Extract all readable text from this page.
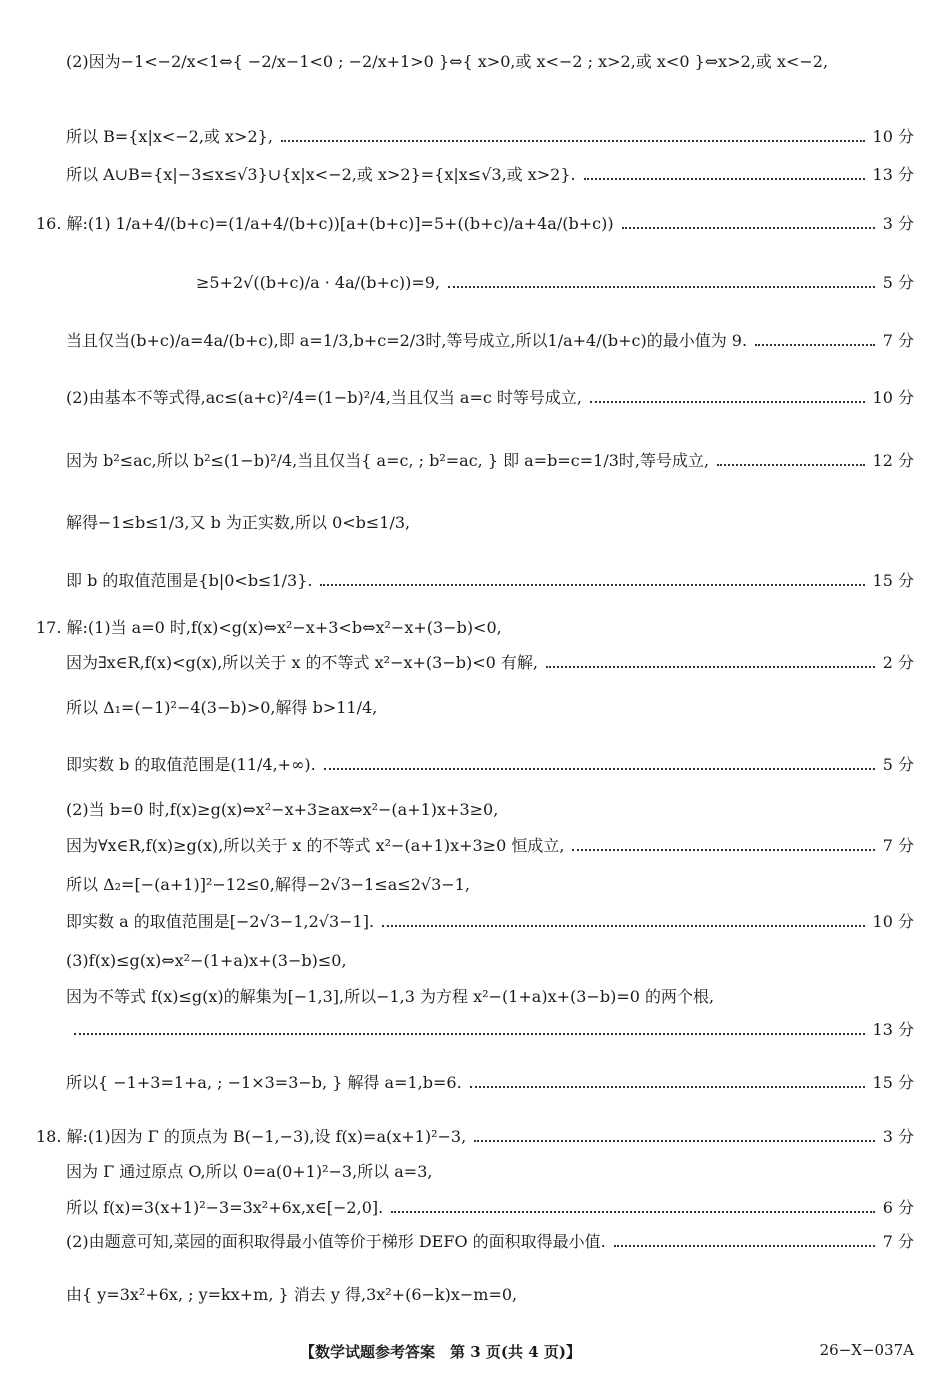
(2)因为−1<−2/x<1⇔{ −2/x−1<0 ; −2/x+1>0 }⇔{ x>0,或 x<−2 ; x>2,或 x<0 }⇔x>2,或 x<−2,
所以 B={x|x<−2,或 x>2},	10 分
所以 A∪B={x|−3≤x≤√3}∪{x|x<−2,或 x>2}={x|x≤√3,或 x>2}.	13 分
16. 解:(1) 1/a+4/(b+c)=(1/a+4/(b+c))[a+(b+c)]=5+((b+c)/a+4a/(b+c))	3 分
≥5+2√((b+c)/a · 4a/(b+c))=9,	5 分
当且仅当(b+c)/a=4a/(b+c),即 a=1/3,b+c=2/3时,等号成立,所以1/a+4/(b+c)的最小值为 9.	7 分
(2)由基本不等式得,ac≤(a+c)²/4=(1−b)²/4,当且仅当 a=c 时等号成立,	10 分
因为 b²≤ac,所以 b²≤(1−b)²/4,当且仅当{ a=c, ; b²=ac, } 即 a=b=c=1/3时,等号成立,	12 分
解得−1≤b≤1/3,又 b 为正实数,所以 0<b≤1/3,
即 b 的取值范围是{b|0<b≤1/3}.	15 分
17. 解:(1)当 a=0 时,f(x)<g(x)⇔x²−x+3<b⇔x²−x+(3−b)<0,
因为∃x∈R,f(x)<g(x),所以关于 x 的不等式 x²−x+(3−b)<0 有解,	2 分
所以 Δ₁=(−1)²−4(3−b)>0,解得 b>11/4,
即实数 b 的取值范围是(11/4,+∞).	5 分
(2)当 b=0 时,f(x)≥g(x)⇔x²−x+3≥ax⇔x²−(a+1)x+3≥0,
因为∀x∈R,f(x)≥g(x),所以关于 x 的不等式 x²−(a+1)x+3≥0 恒成立,	7 分
所以 Δ₂=[−(a+1)]²−12≤0,解得−2√3−1≤a≤2√3−1,
即实数 a 的取值范围是[−2√3−1,2√3−1].	10 分
(3)f(x)≤g(x)⇔x²−(1+a)x+(3−b)≤0,
因为不等式 f(x)≤g(x)的解集为[−1,3],所以−1,3 为方程 x²−(1+a)x+(3−b)=0 的两个根,
13 分
所以{ −1+3=1+a, ; −1×3=3−b, } 解得 a=1,b=6.	15 分
18. 解:(1)因为 Γ 的顶点为 B(−1,−3),设 f(x)=a(x+1)²−3,	3 分
因为 Γ 通过原点 O,所以 0=a(0+1)²−3,所以 a=3,
所以 f(x)=3(x+1)²−3=3x²+6x,x∈[−2,0].	6 分
(2)由题意可知,菜园的面积取得最小值等价于梯形 DEFO 的面积取得最小值.	7 分
由{ y=3x²+6x, ; y=kx+m, } 消去 y 得,3x²+(6−k)x−m=0,
【数学试题参考答案　第 3 页(共 4 页)】	26−X−037A
